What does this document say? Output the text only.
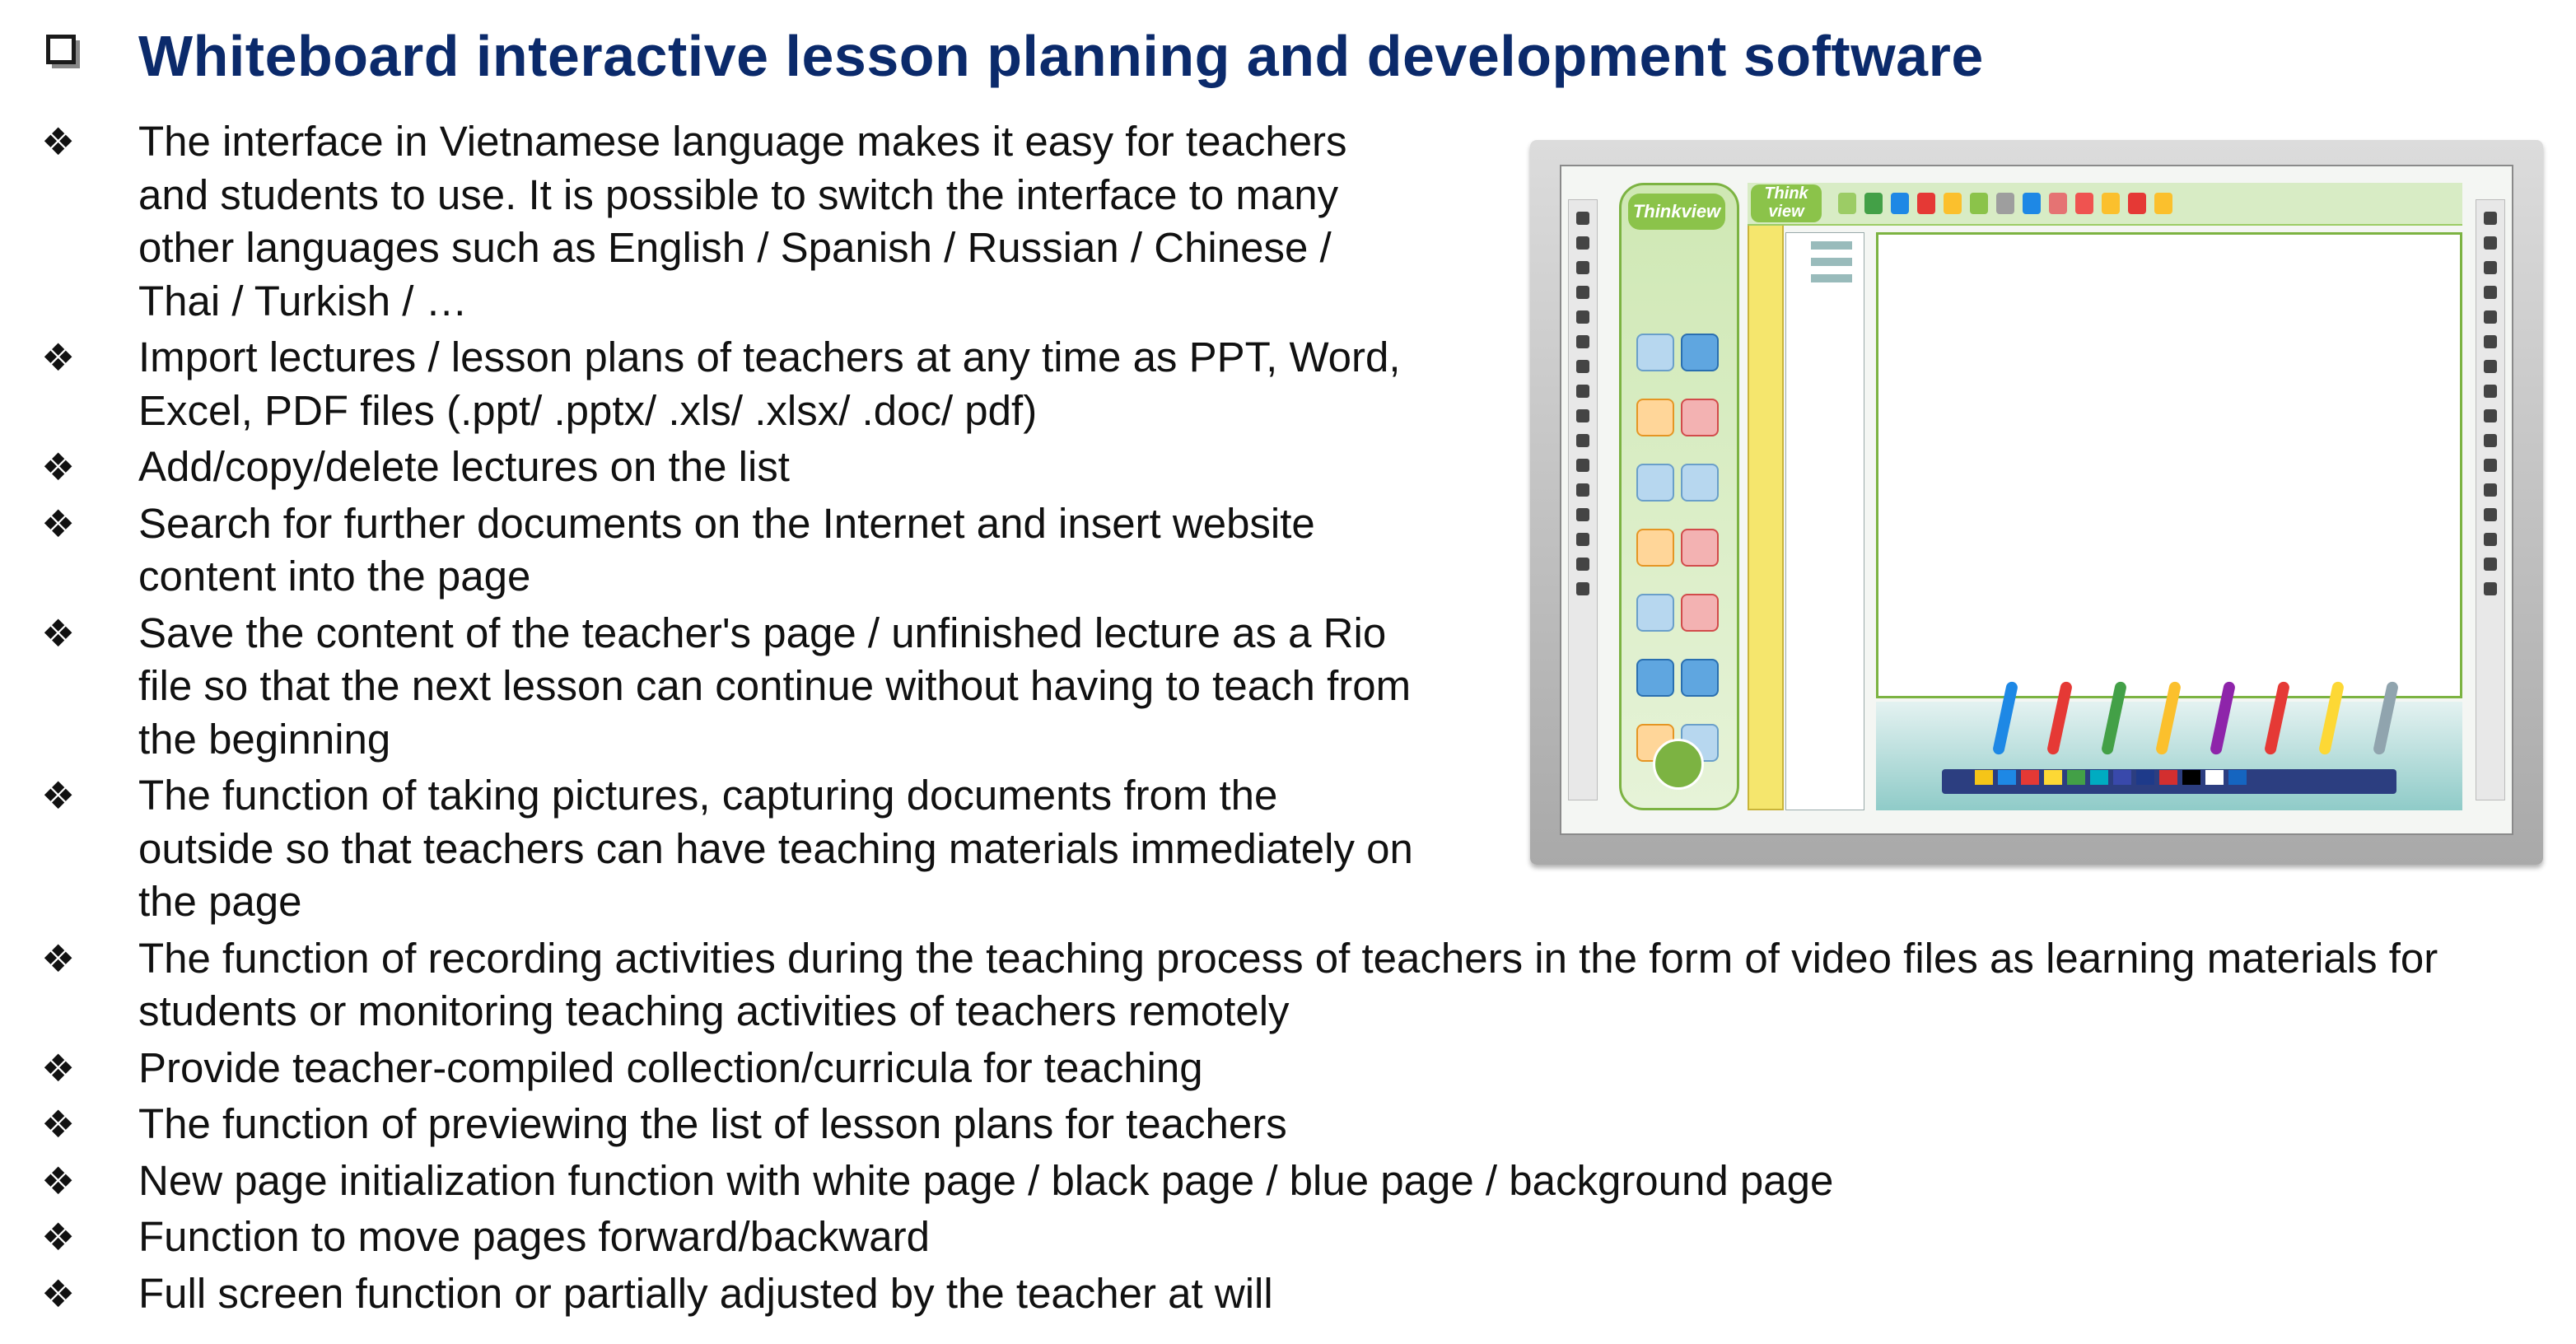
Whiteboard interactive lesson planning and development software
❖	The interface in Vietnamese language makes it easy for teachers
and students to use. It is possible to switch the interface to many
other languages such as English / Spanish / Russian / Chinese /
Thai / Turkish / …
❖	Import lectures / lesson plans of teachers at any time as PPT, Word,
Excel, PDF files (.ppt/ .pptx/ .xls/ .xlsx/ .doc/ pdf)
❖	Add/copy/delete lectures on the list
❖	Search for further documents on the Internet and insert website
content into the page
❖	Save the content of the teacher's page / unfinished lecture as a Rio
file so that the next lesson can continue without having to teach from
the beginning
❖	The function of taking pictures, capturing documents from the
outside so that teachers can have teaching materials immediately on
the page
❖	The function of recording activities during the teaching process of teachers in the form of video files as learning materials for
students or monitoring teaching activities of teachers remotely
❖	Provide teacher-compiled collection/curricula for teaching
❖	The function of previewing the list of lesson plans for teachers
❖	New page initialization function with white page / black page / blue page / background page
❖	Function to move pages forward/backward
❖	Full screen function or partially adjusted by the teacher at will
Thinkview

Think
view
